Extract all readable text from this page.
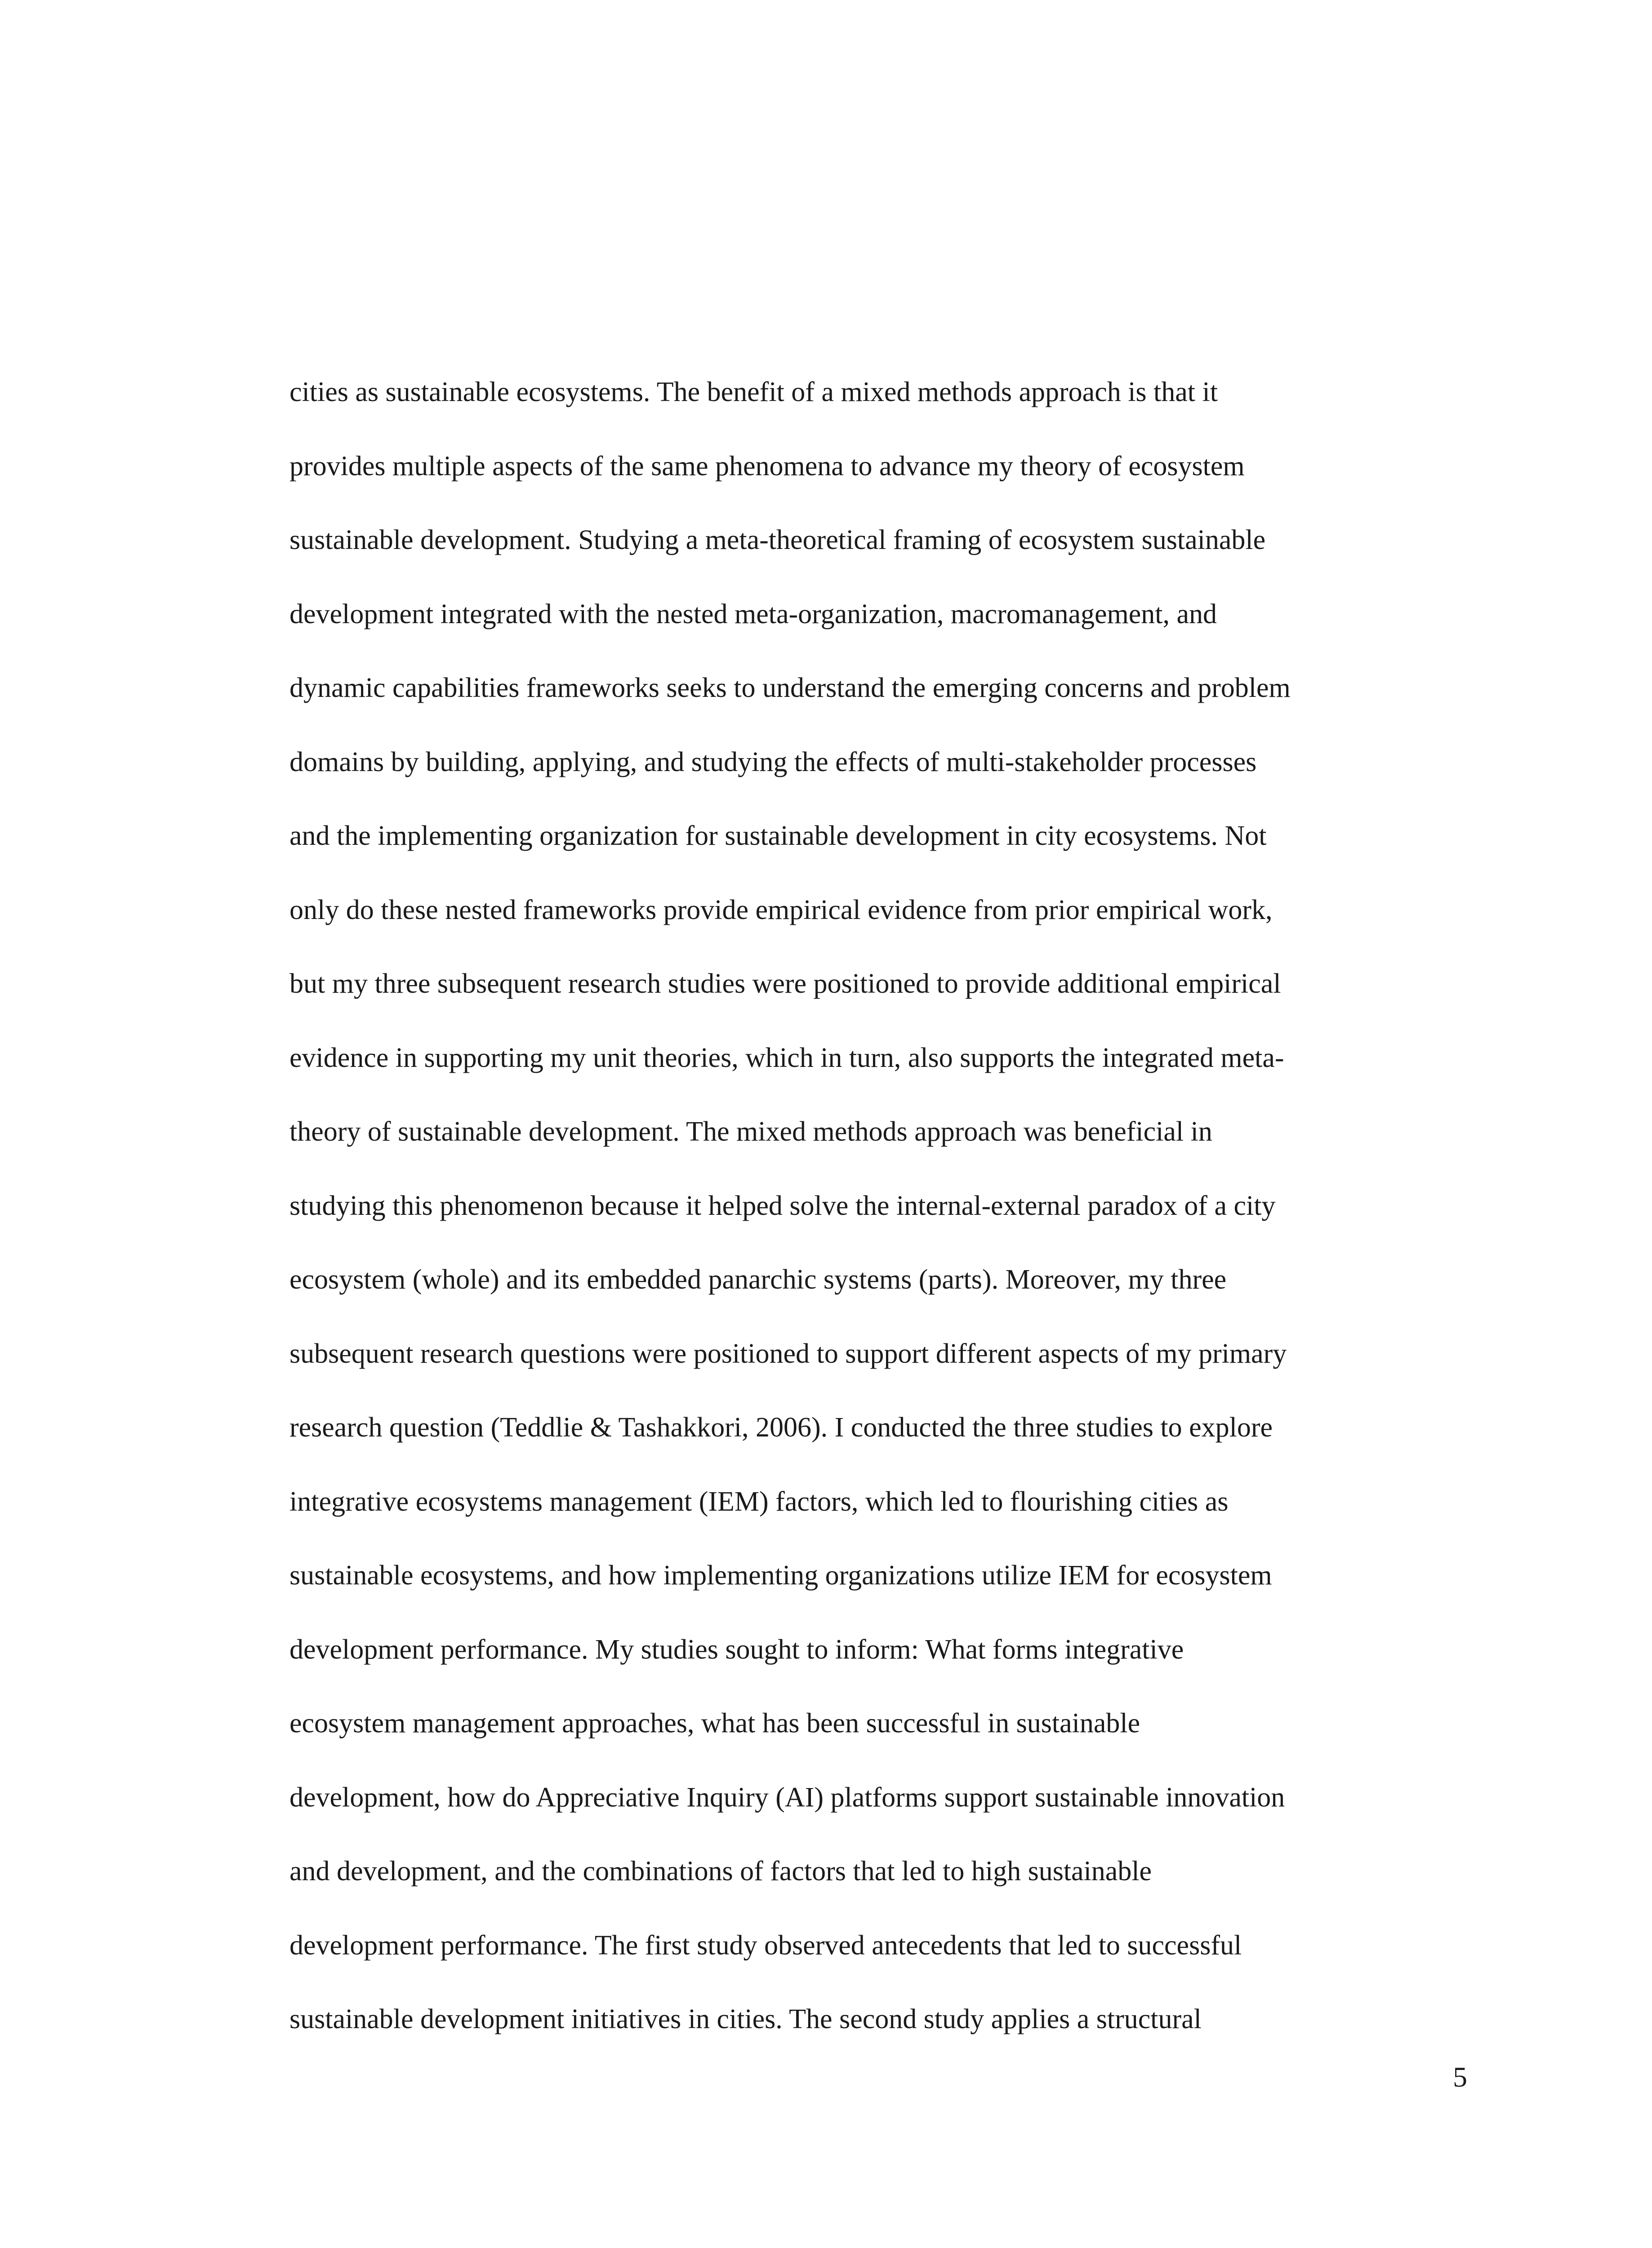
cities as sustainable ecosystems. The benefit of a mixed methods approach is that it
provides multiple aspects of the same phenomena to advance my theory of ecosystem
sustainable development. Studying a meta-theoretical framing of ecosystem sustainable
development integrated with the nested meta-organization, macromanagement, and
dynamic capabilities frameworks seeks to understand the emerging concerns and problem
domains by building, applying, and studying the effects of multi-stakeholder processes
and the implementing organization for sustainable development in city ecosystems. Not
only do these nested frameworks provide empirical evidence from prior empirical work,
but my three subsequent research studies were positioned to provide additional empirical
evidence in supporting my unit theories, which in turn, also supports the integrated meta-
theory of sustainable development. The mixed methods approach was beneficial in
studying this phenomenon because it helped solve the internal-external paradox of a city
ecosystem (whole) and its embedded panarchic systems (parts). Moreover, my three
subsequent research questions were positioned to support different aspects of my primary
research question (Teddlie & Tashakkori, 2006). I conducted the three studies to explore
integrative ecosystems management (IEM) factors, which led to flourishing cities as
sustainable ecosystems, and how implementing organizations utilize IEM for ecosystem
development performance. My studies sought to inform: What forms integrative
ecosystem management approaches, what has been successful in sustainable
development, how do Appreciative Inquiry (AI) platforms support sustainable innovation
and development, and the combinations of factors that led to high sustainable
development performance. The first study observed antecedents that led to successful
sustainable development initiatives in cities. The second study applies a structural
5
